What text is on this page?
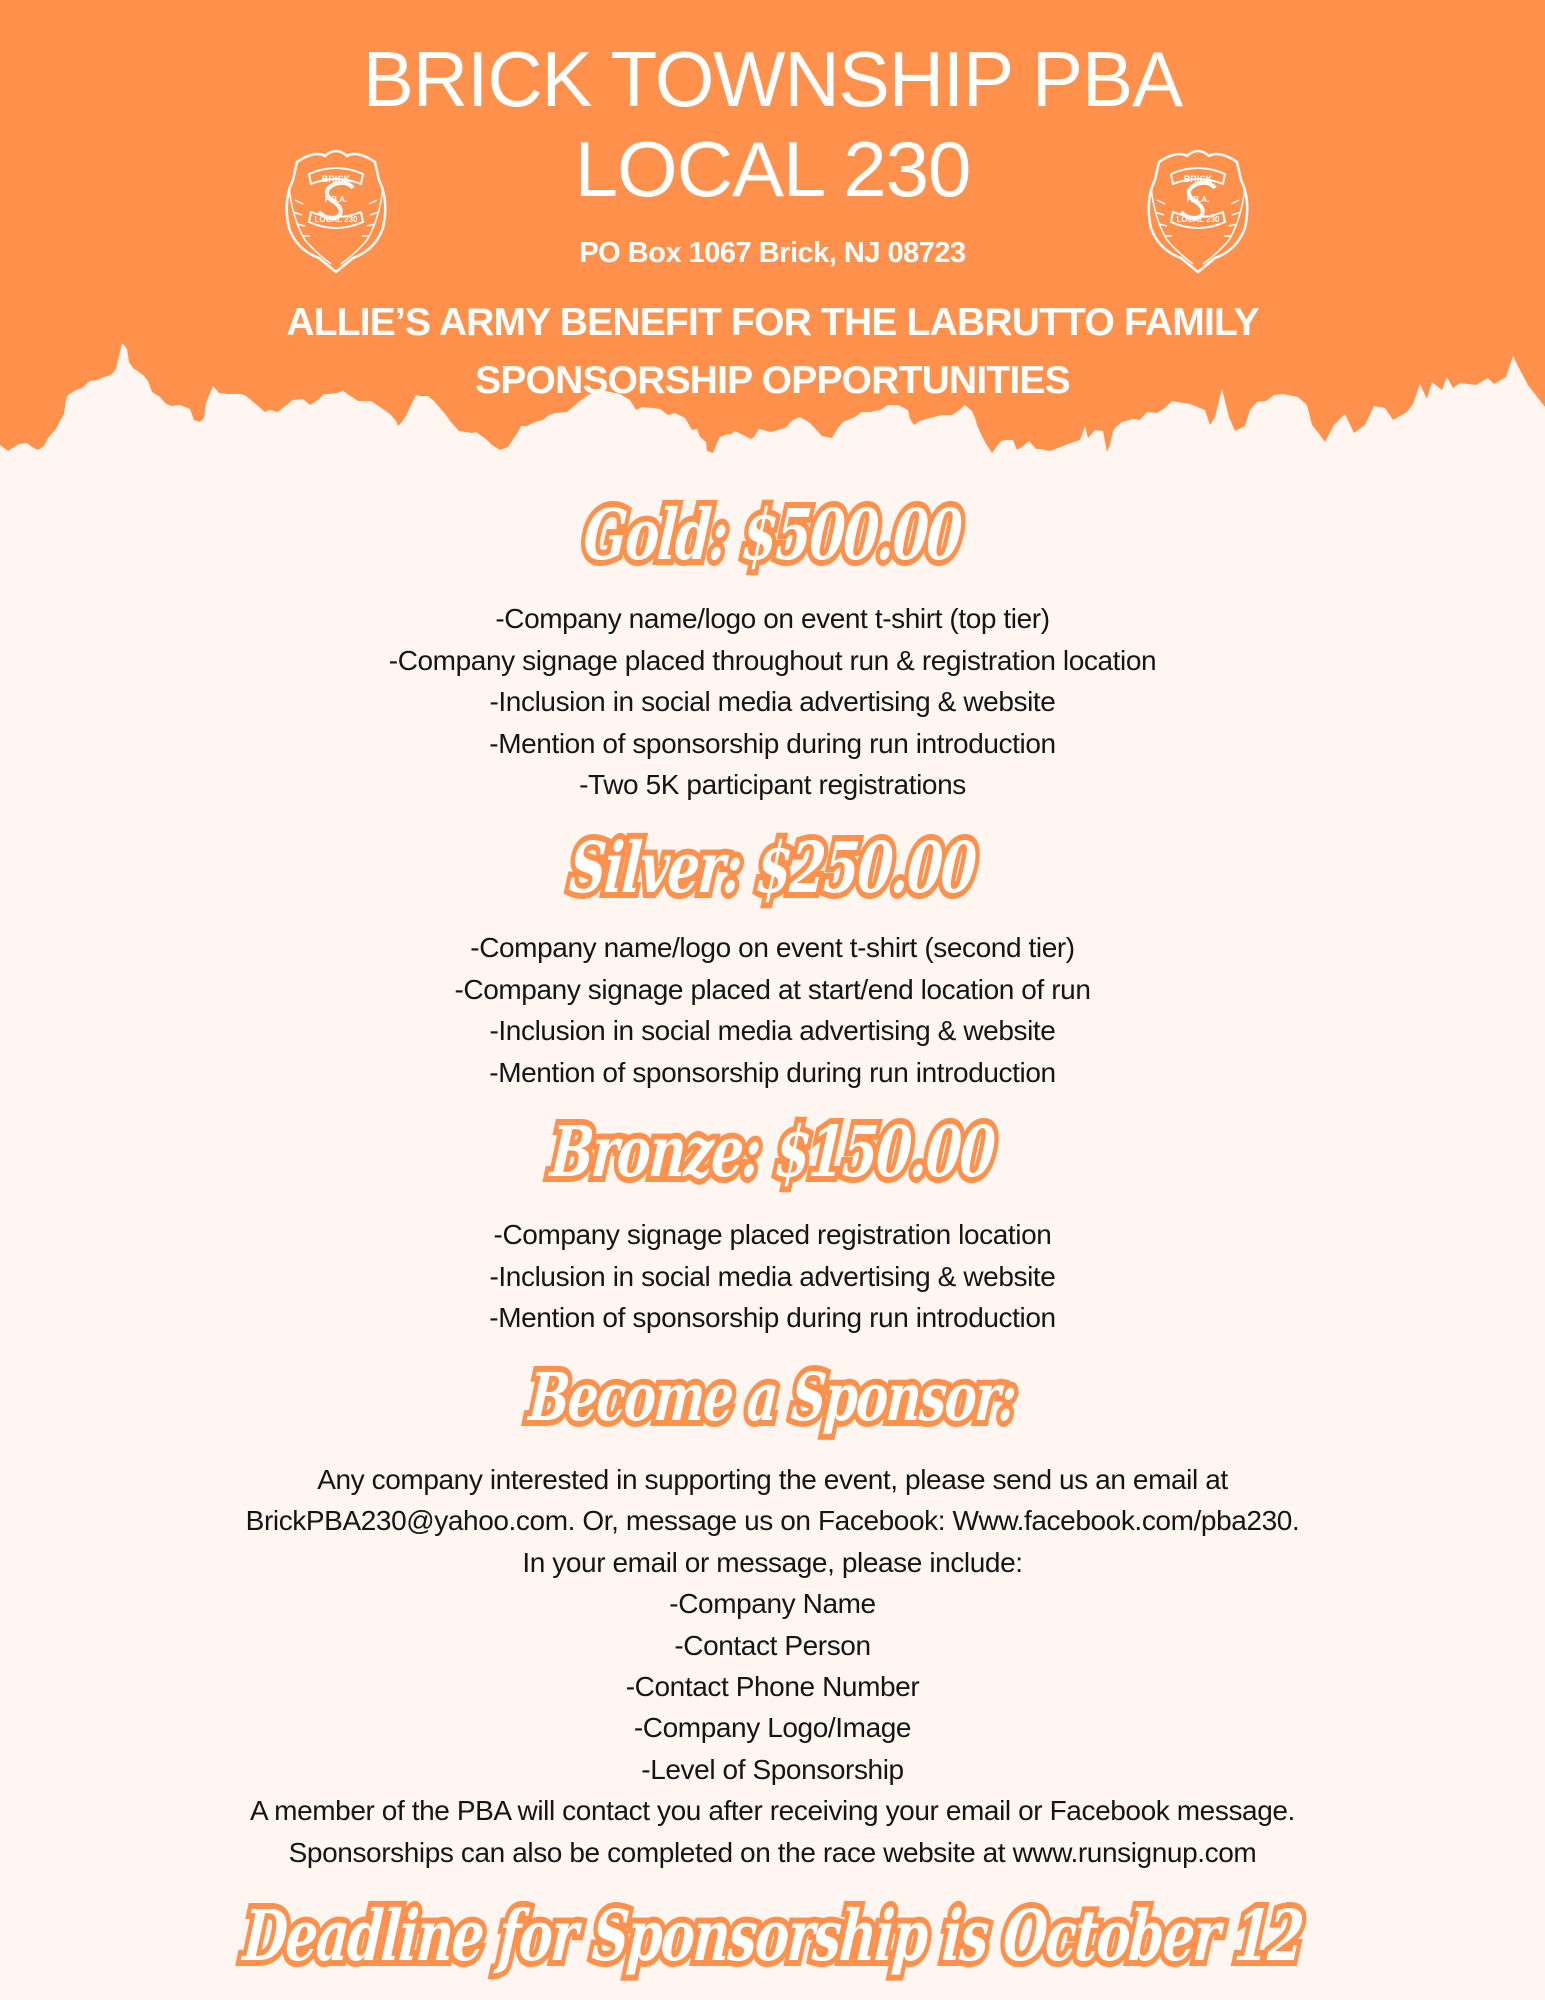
BRICK TOWNSHIP PBA
LOCAL 230
BRICK
P.B.A.
LOCAL 230
BRICK
P.B.A.
LOCAL 230
PO Box 1067 Brick, NJ 08723
ALLIE’S ARMY BENEFIT FOR THE LABRUTTO FAMILY
SPONSORSHIP OPPORTUNITIES
Gold: $500.00
-Company name/logo on event t-shirt (top tier)
-Company signage placed throughout run & registration location
-Inclusion in social media advertising & website
-Mention of sponsorship during run introduction
-Two 5K participant registrations
Silver: $250.00
-Company name/logo on event t-shirt (second tier)
-Company signage placed at start/end location of run
-Inclusion in social media advertising & website
-Mention of sponsorship during run introduction
Bronze: $150.00
-Company signage placed registration location
-Inclusion in social media advertising & website
-Mention of sponsorship during run introduction
Become a Sponsor:
Any company interested in supporting the event, please send us an email at
BrickPBA230@yahoo.com. Or, message us on Facebook: Www.facebook.com/pba230.
In your email or message, please include:
-Company Name
-Contact Person
-Contact Phone Number
-Company Logo/Image
-Level of Sponsorship
A member of the PBA will contact you after receiving your email or Facebook message.
Sponsorships can also be completed on the race website at www.runsignup.com
Deadline for Sponsorship is October 12
